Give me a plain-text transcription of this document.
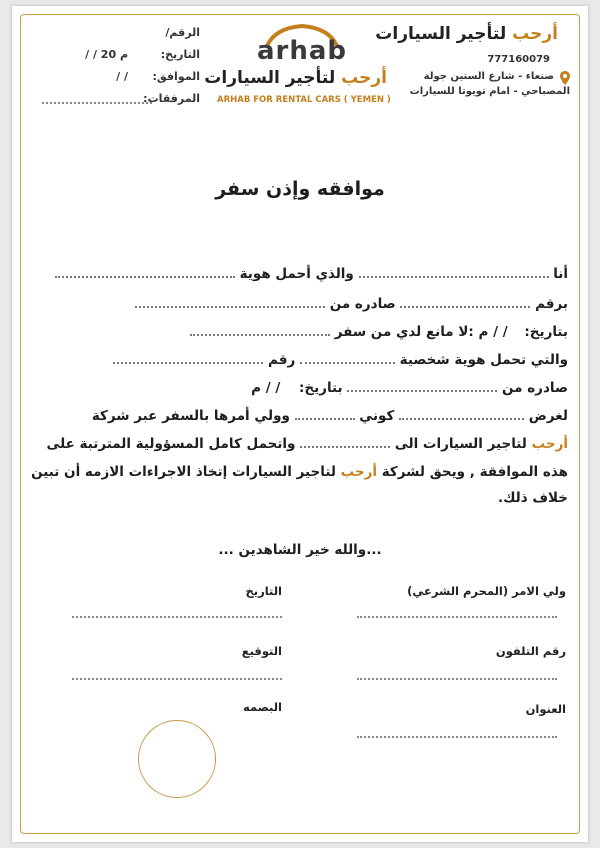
أرحب لتأجير السيارات
777160079
صنعاء - شارع الستين جولة
المصباحي - امام تويوتا للسيارات
arhab
أرحب لتأجير السيارات
ARHAB FOR RENTAL CARS ( YEMEN )
الرقم/
التاريخ:
/ / 20 م
الموافق:
/ /
المرفقات:
موافقه وإذن سفر
أنا  والذي أحمل هوية
برقم  صادره من
بتاريخ: / / م :لا مانع لدي من سفر
والتي تحمل هوية شخصية  رقم
صادره من  بتاريخ: / / م
لغرض  كوني  وولي أمرها بالسفر عبر شركة
أرحب لتاجير السيارات الى  واتحمل كامل المسؤولية المترتبة على
هذه الموافقة , ويحق لشركة أرحب لتاجير السيارات إتخاذ الاجراءات الازمه أن تبين
خلاف ذلك.
...والله خير الشاهدين ...
ولي الامر (المحرم الشرعي)
التاريخ
رقم التلفون
التوقيع
العنوان
البصمه
